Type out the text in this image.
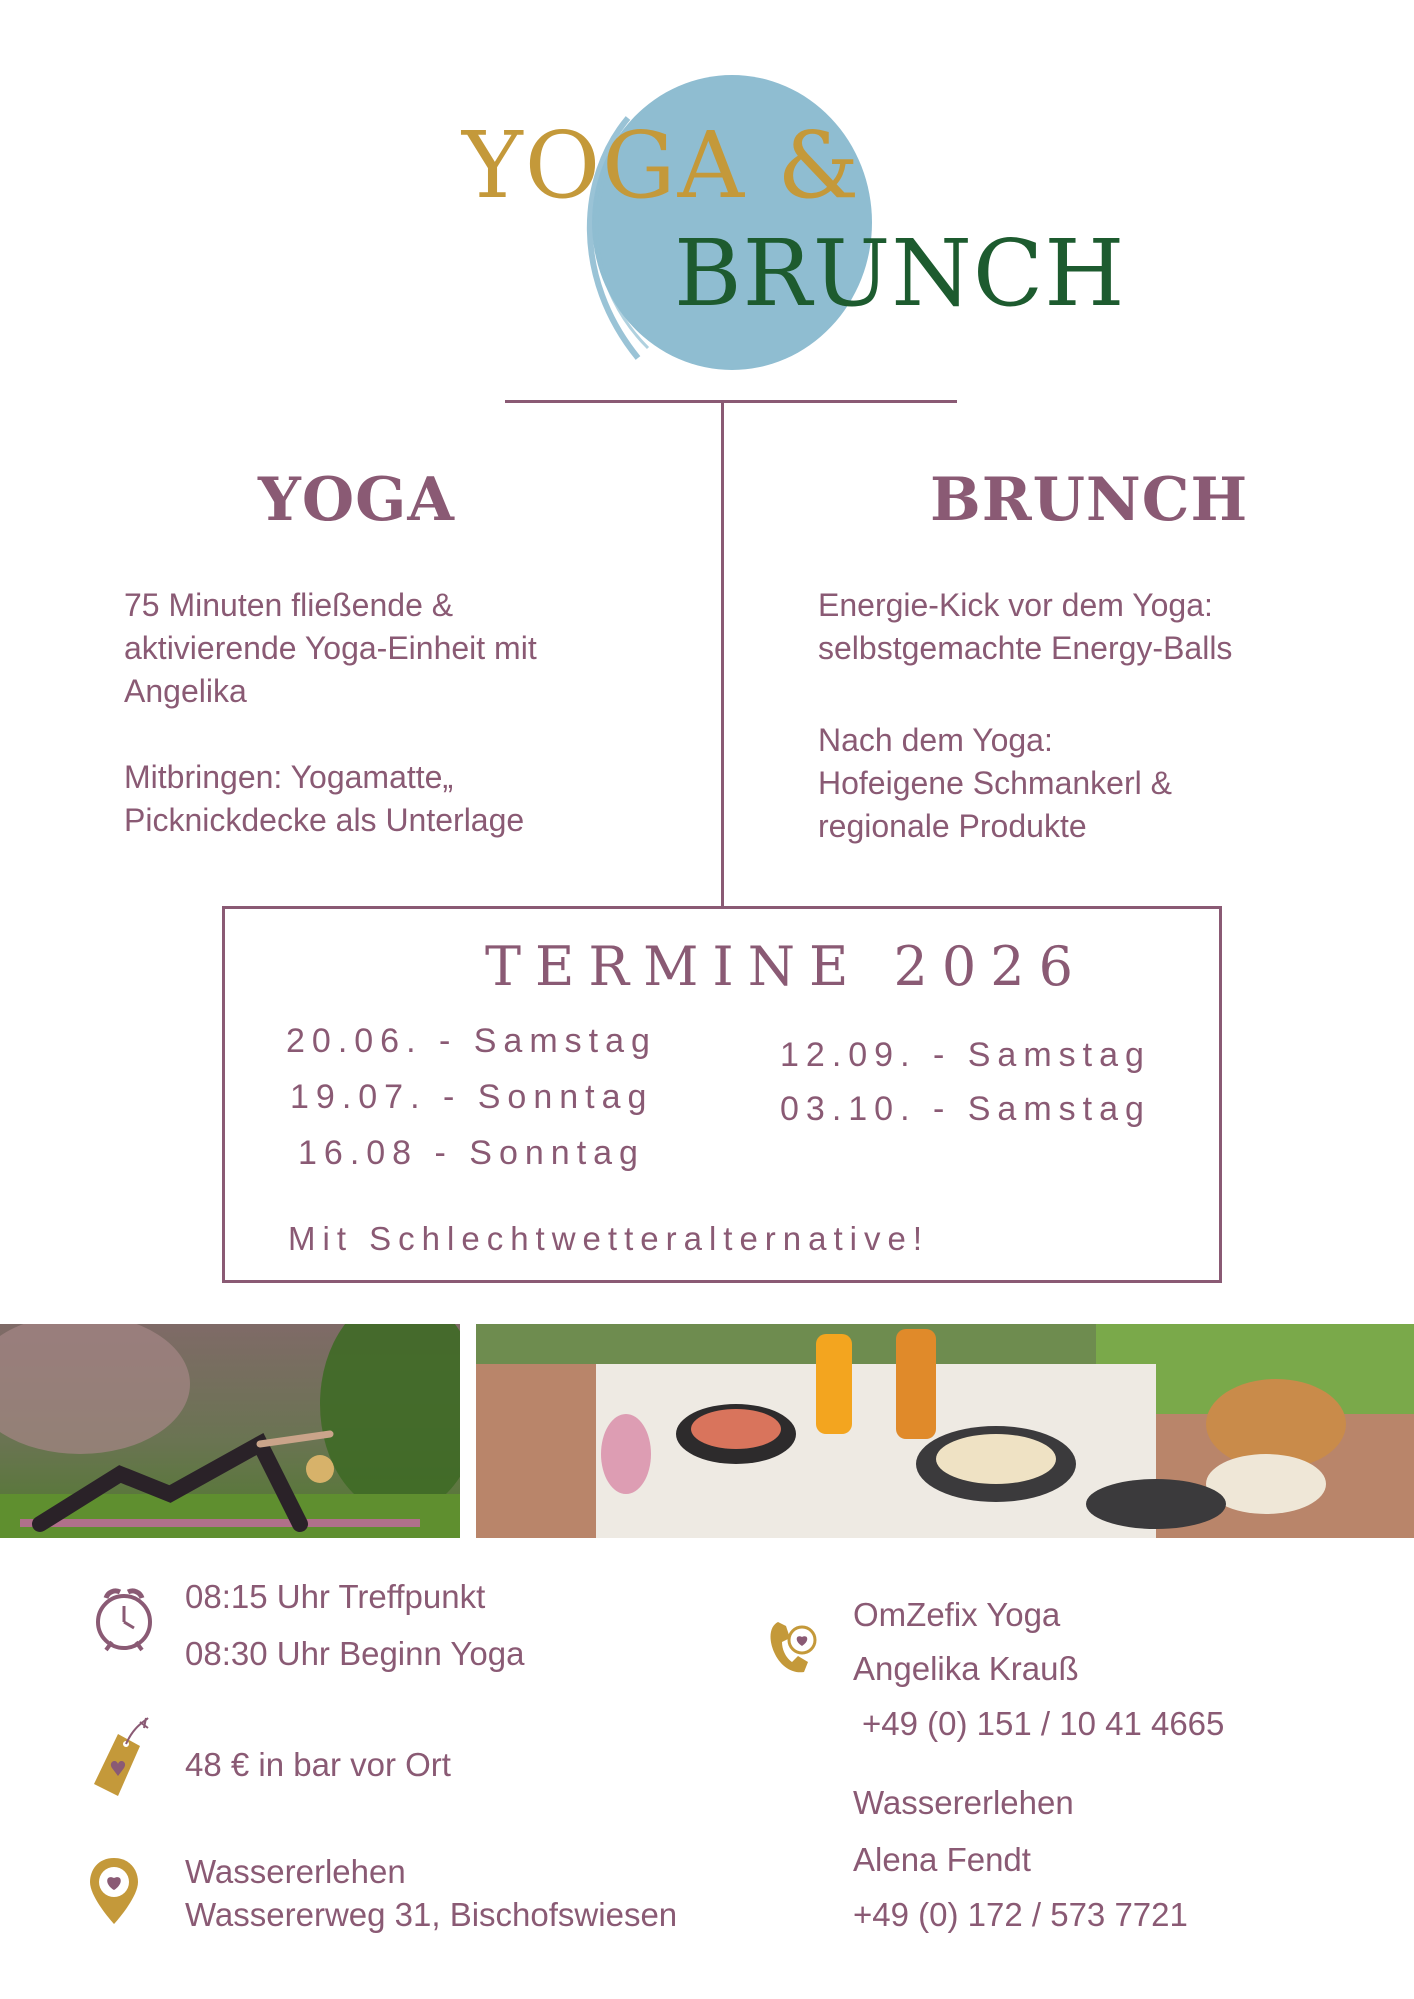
YOGA &
BRUNCH
YOGA
75 Minuten fließende &
aktivierende Yoga-Einheit mit
Angelika
Mitbringen: Yogamatte„
Picknickdecke als Unterlage
BRUNCH
Energie-Kick vor dem Yoga:
selbstgemachte Energy-Balls
Nach dem Yoga:
Hofeigene Schmankerl &
regionale Produkte
TERMINE 2026
20.06. - Samstag
19.07. - Sonntag
16.08 - Sonntag
12.09. - Samstag
03.10. - Samstag
Mit Schlechtwetteralternative!
08:15 Uhr Treffpunkt
08:30 Uhr Beginn Yoga
48 € in bar vor Ort
Wassererlehen
Wassererweg 31, Bischofswiesen
OmZefix Yoga
Angelika Krauß
+49 (0) 151 / 10 41 4665
Wassererlehen
Alena Fendt
+49 (0) 172 / 573 7721
